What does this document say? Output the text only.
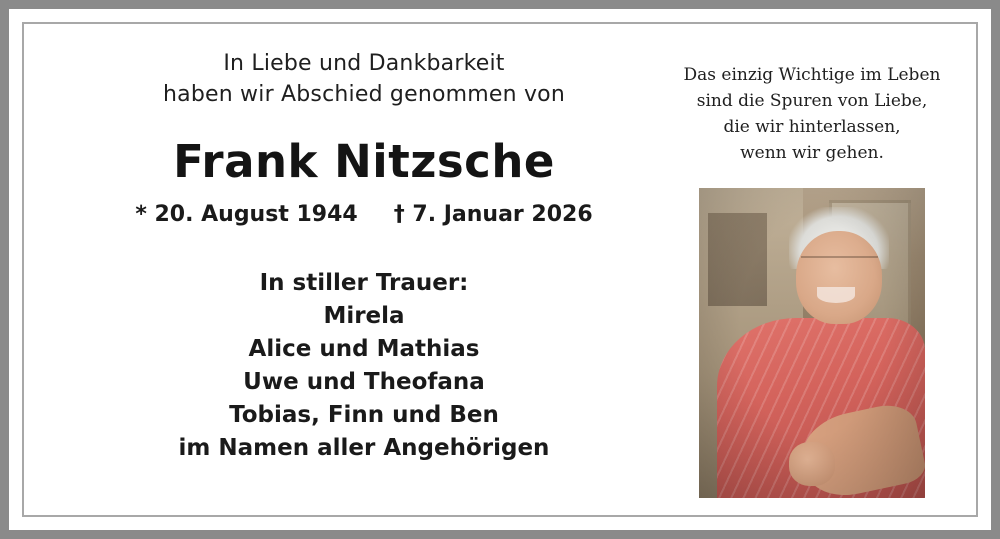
In Liebe und Dankbarkeit
haben wir Abschied genommen von
Frank Nitzsche
* 20. August 1944 † 7. Januar 2026
In stiller Trauer:
Mirela
Alice und Mathias
Uwe und Theofana
Tobias, Finn und Ben
im Namen aller Angehörigen
Das einzig Wichtige im Leben
sind die Spuren von Liebe,
die wir hinterlassen,
wenn wir gehen.
